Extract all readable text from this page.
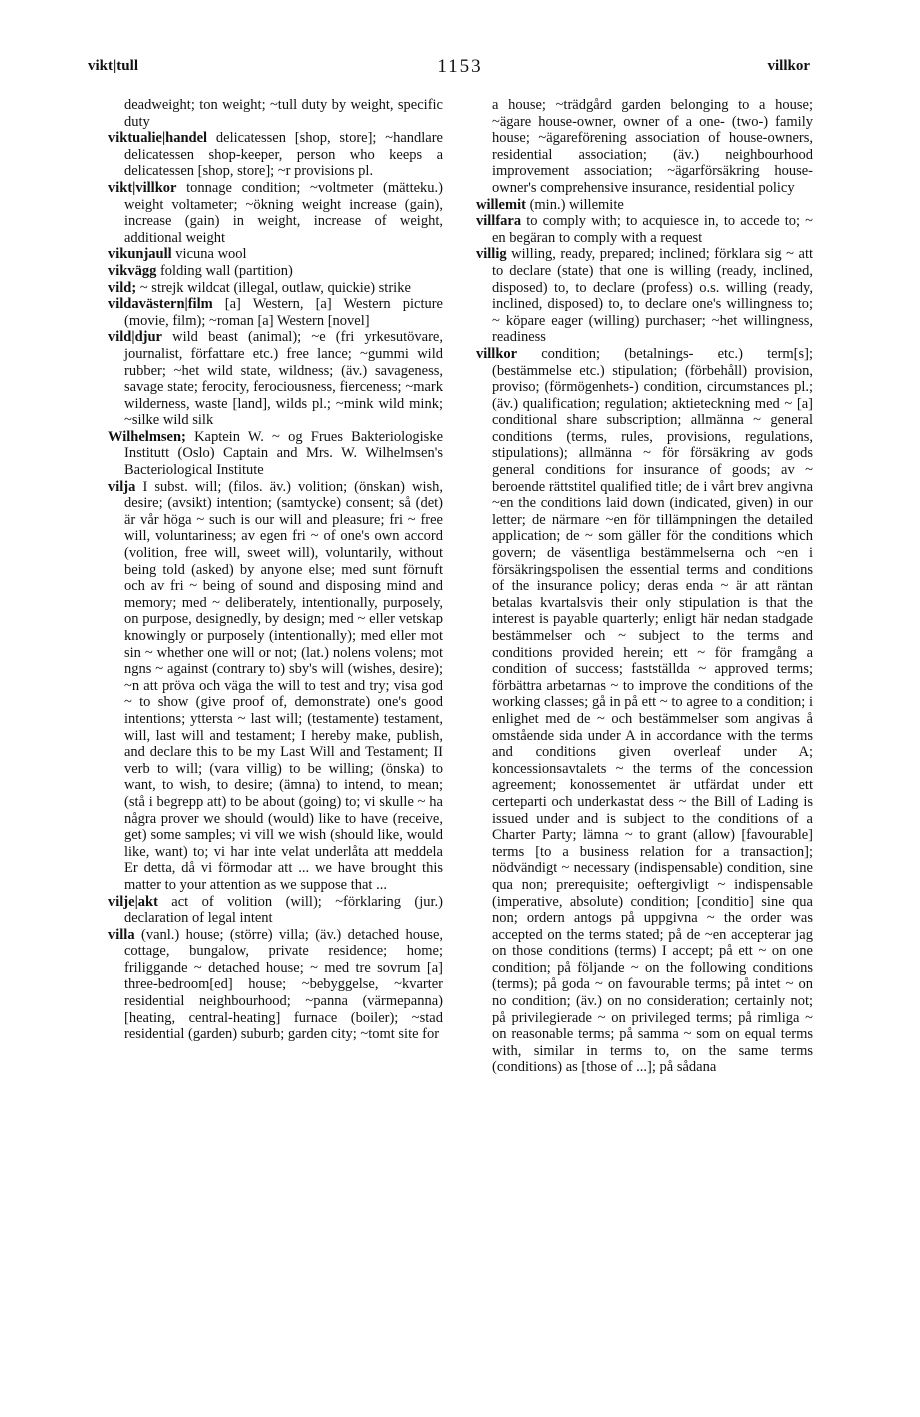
vikt|tull	1153	villkor

deadweight; ton weight; ~tull duty by weight, specific duty

viktualie|handel delicatessen [shop, store]; ~handlare delicatessen shop-keeper, person who keeps a delicatessen [shop, store]; ~r provisions pl.

vikt|villkor tonnage condition; ~voltmeter (mätteku.) weight voltameter; ~ökning weight increase (gain), increase (gain) in weight, increase of weight, additional weight

vikunjaull vicuna wool

vikvägg folding wall (partition)

vild; ~ strejk wildcat (illegal, outlaw, quickie) strike

vildavästern|film [a] Western, [a] Western picture (movie, film); ~roman [a] Western [novel]

vild|djur wild beast (animal); ~e (fri yrkesutövare, journalist, författare etc.) free lance; ~gummi wild rubber; ~het wild state, wildness; (äv.) savageness, savage state; ferocity, ferociousness, fierceness; ~mark wilderness, waste [land], wilds pl.; ~mink wild mink; ~silke wild silk

Wilhelmsen; Kaptein W. ~ og Frues Bakteriologiske Institutt (Oslo) Captain and Mrs. W. Wilhelmsen's Bacteriological Institute

vilja I subst. will; (filos. äv.) volition; (önskan) wish, desire; (avsikt) intention; (samtycke) consent; så (det) är vår höga ~ such is our will and pleasure; fri ~ free will, voluntariness; av egen fri ~ of one's own accord (volition, free will, sweet will), voluntarily, without being told (asked) by anyone else; med sunt förnuft och av fri ~ being of sound and disposing mind and memory; med ~ deliberately, intentionally, purposely, on purpose, designedly, by design; med ~ eller vetskap knowingly or purposely (intentionally); med eller mot sin ~ whether one will or not; (lat.) nolens volens; mot ngns ~ against (contrary to) sby's will (wishes, desire); ~n att pröva och väga the will to test and try; visa god ~ to show (give proof of, demonstrate) one's good intentions; yttersta ~ last will; (testamente) testament, will, last will and testament; I hereby make, publish, and declare this to be my Last Will and Testament; II verb to will; (vara villig) to be willing; (önska) to want, to wish, to desire; (ämna) to intend, to mean; (stå i begrepp att) to be about (going) to; vi skulle ~ ha några prover we should (would) like to have (receive, get) some samples; vi vill we wish (should like, would like, want) to; vi har inte velat underlåta att meddela Er detta, då vi förmodar att ... we have brought this matter to your attention as we suppose that ...

vilje|akt act of volition (will); ~förklaring (jur.) declaration of legal intent

villa (vanl.) house; (större) villa; (äv.) detached house, cottage, bungalow, private residence; home; friliggande ~ detached house; ~ med tre sovrum [a] three-bedroom[ed] house; ~bebyggelse, ~kvarter residential neighbourhood; ~panna (värmepanna) [heating, central-heating] furnace (boiler); ~stad residential (garden) suburb; garden city; ~tomt site for

a house; ~trädgård garden belonging to a house; ~ägare house-owner, owner of a one- (two-) family house; ~ägareförening association of house-owners, residential association; (äv.) neighbourhood improvement association; ~ägarförsäkring house-owner's comprehensive insurance, residential policy

willemit (min.) willemite

villfara to comply with; to acquiesce in, to accede to; ~ en begäran to comply with a request

villig willing, ready, prepared; inclined; förklara sig ~ att to declare (state) that one is willing (ready, inclined, disposed) to, to declare (profess) o.s. willing (ready, inclined, disposed) to, to declare one's willingness to; ~ köpare eager (willing) purchaser; ~het willingness, readiness

villkor condition; (betalnings- etc.) term[s]; (bestämmelse etc.) stipulation; (förbehåll) provision, proviso; (förmögenhets-) condition, circumstances pl.; (äv.) qualification; regulation; aktieteckning med ~ [a] conditional share subscription; allmänna ~ general conditions (terms, rules, provisions, regulations, stipulations); allmänna ~ för försäkring av gods general conditions for insurance of goods; av ~ beroende rättstitel qualified title; de i vårt brev angivna ~en the conditions laid down (indicated, given) in our letter; de närmare ~en för tillämpningen the detailed application; de ~ som gäller för the conditions which govern; de väsentliga bestämmelserna och ~en i försäkringspolisen the essential terms and conditions of the insurance policy; deras enda ~ är att räntan betalas kvartalsvis their only stipulation is that the interest is payable quarterly; enligt här nedan stadgade bestämmelser och ~ subject to the terms and conditions provided herein; ett ~ för framgång a condition of success; fastställda ~ approved terms; förbättra arbetarnas ~ to improve the conditions of the working classes; gå in på ett ~ to agree to a condition; i enlighet med de ~ och bestämmelser som angivas å omstående sida under A in accordance with the terms and conditions given overleaf under A; koncessionsavtalets ~ the terms of the concession agreement; konossementet är utfärdat under ett certeparti och underkastat dess ~ the Bill of Lading is issued under and is subject to the conditions of a Charter Party; lämna ~ to grant (allow) [favourable] terms [to a business relation for a transaction]; nödvändigt ~ necessary (indispensable) condition, sine qua non; prerequisite; oeftergivligt ~ indispensable (imperative, absolute) condition; [conditio] sine qua non; ordern antogs på uppgivna ~ the order was accepted on the terms stated; på de ~en accepterar jag on those conditions (terms) I accept; på ett ~ on one condition; på följande ~ on the following conditions (terms); på goda ~ on favourable terms; på intet ~ on no condition; (äv.) on no consideration; certainly not; på privilegierade ~ on privileged terms; på rimliga ~ on reasonable terms; på samma ~ som on equal terms with, similar in terms to, on the same terms (conditions) as [those of ...]; på sådana
